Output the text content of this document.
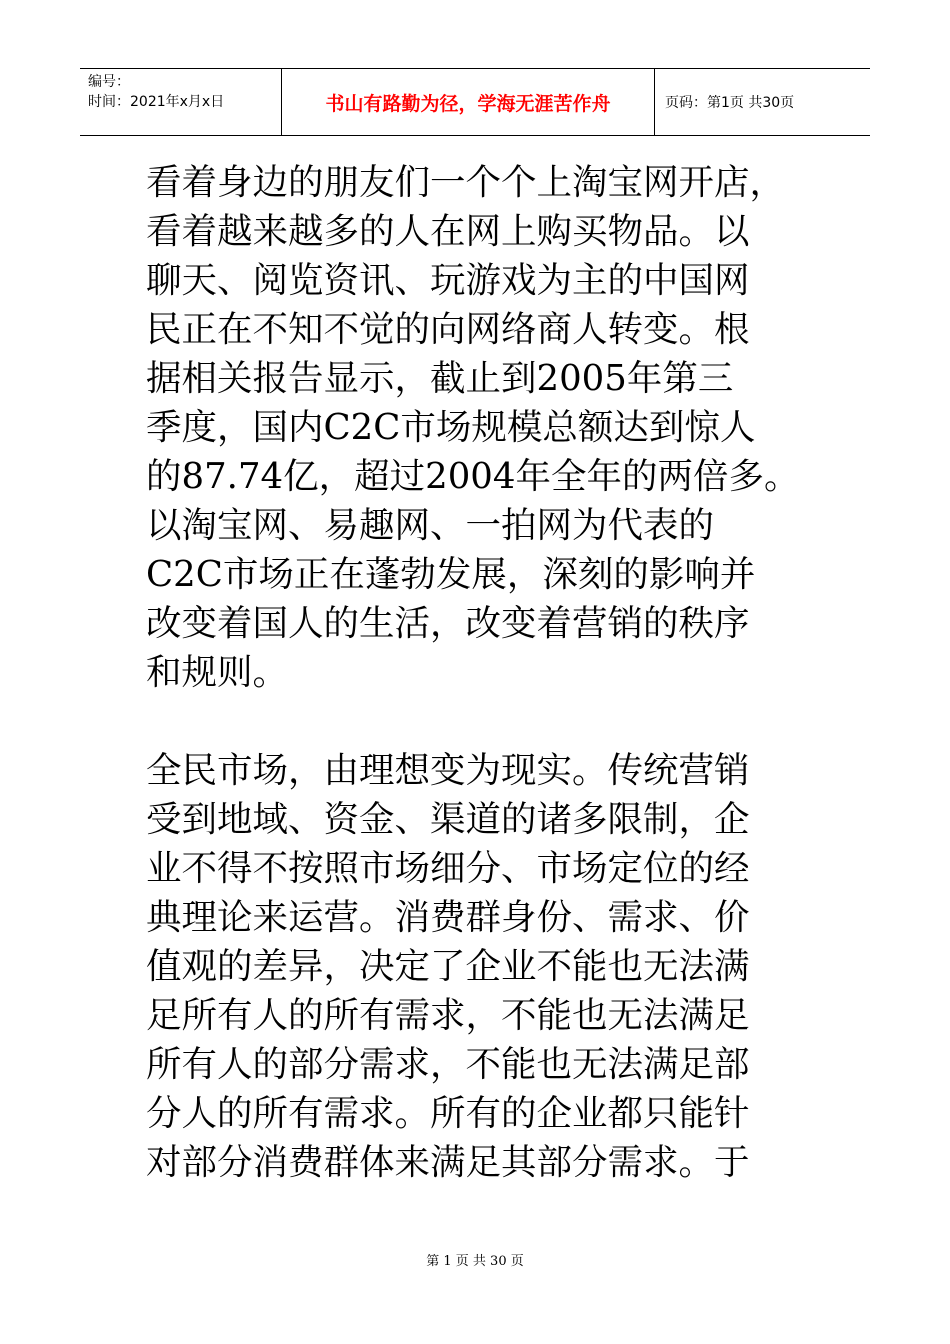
编号：
时间：2021年x月x日	书山有路勤为径，学海无涯苦作舟	页码：第1页 共30页

看着身边的朋友们一个个上淘宝网开店，

看着越来越多的人在网上购买物品。以

聊天、阅览资讯、玩游戏为主的中国网

民正在不知不觉的向网络商人转变。根

据相关报告显示，截止到2005年第三

季度，国内C2C市场规模总额达到惊人

的87.74亿，超过2004年全年的两倍多。

以淘宝网、易趣网、一拍网为代表的

C2C市场正在蓬勃发展，深刻的影响并

改变着国人的生活，改变着营销的秩序

和规则。

全民市场，由理想变为现实。传统营销

受到地域、资金、渠道的诸多限制，企

业不得不按照市场细分、市场定位的经

典理论来运营。消费群身份、需求、价

值观的差异，决定了企业不能也无法满

足所有人的所有需求，不能也无法满足

所有人的部分需求，不能也无法满足部

分人的所有需求。所有的企业都只能针

对部分消费群体来满足其部分需求。于

第 1 页 共 30 页
